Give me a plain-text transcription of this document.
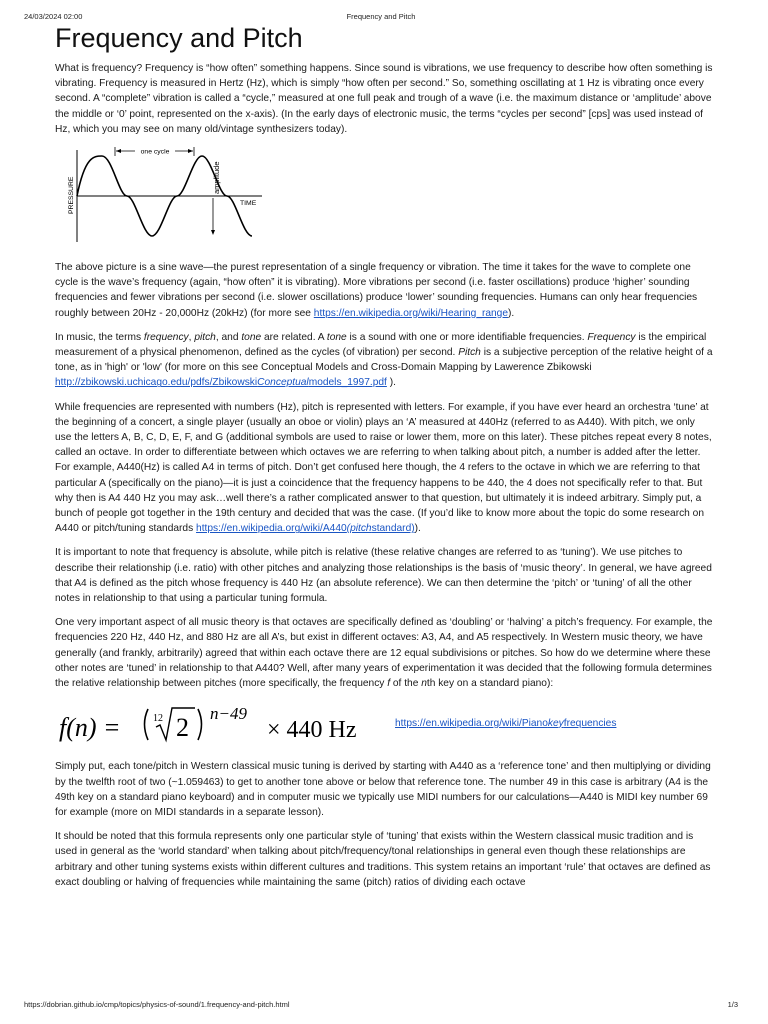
24/03/2024 02:00	Frequency and Pitch
Frequency and Pitch

What is frequency? Frequency is “how often” something happens. Since sound is vibrations, we use frequency to describe how often something is vibrating. Frequency is measured in Hertz (Hz), which is simply “how often per second.” So, something oscillating at 1 Hz is vibrating once every second. A “complete” vibration is called a “cycle,” measured at one full peak and trough of a wave (i.e. the maximum distance or ‘amplitude’ above the middle or ‘0’ point, represented on the x-axis). (In the early days of electronic music, the terms “cycles per second” [cps] was used instead of Hz, which you may see on many old/vintage synthesizers today).

one cycle
amplitude
PRESSURE	TIME

The above picture is a sine wave—the purest representation of a single frequency or vibration. The time it takes for the wave to complete one cycle is the wave’s frequency (again, “how often” it is vibrating). More vibrations per second (i.e. faster oscillations) produce ‘higher’ sounding frequencies and fewer vibrations per second (i.e. slower oscillations) produce ‘lower’ sounding frequencies. Humans can only hear frequencies roughly between 20Hz - 20,000Hz (20kHz) (for more see https://en.wikipedia.org/wiki/Hearing_range).

In music, the terms frequency, pitch, and tone are related. A tone is a sound with one or more identifiable frequencies. Frequency is the empirical measurement of a physical phenomenon, defined as the cycles (of vibration) per second. Pitch is a subjective perception of the relative height of a tone, as in 'high' or 'low' (for more on this see Conceptual Models and Cross-Domain Mapping by Lawerence Zbikowski http://zbikowski.uchicago.edu/pdfs/ZbikowskiConceptualmodels_1997.pdf ).

While frequencies are represented with numbers (Hz), pitch is represented with letters. For example, if you have ever heard an orchestra ‘tune’ at the beginning of a concert, a single player (usually an oboe or violin) plays an ‘A’ measured at 440Hz (referred to as A440). With pitch, we only use the letters A, B, C, D, E, F, and G (additional symbols are used to raise or lower them, more on this later). These pitches repeat every 8 notes, called an octave. In order to differentiate between which octaves we are referring to when talking about pitch, a number is added after the letter. For example, A440(Hz) is called A4 in terms of pitch. Don’t get confused here though, the 4 refers to the octave in which we are referring to that particular A (specifically on the piano)—it is just a coincidence that the frequency happens to be 440, the 4 does not specifically refer to that. But why then is A4 440 Hz you may ask…well there’s a rather complicated answer to that question, but ultimately it is indeed arbitrary. Simply put, a bunch of people got together in the 19th century and decided that was the case. (If you’d like to know more about the topic do some research on A440 or pitch/tuning standards https://en.wikipedia.org/wiki/A440(pitchstandard)).

It is important to note that frequency is absolute, while pitch is relative (these relative changes are referred to as ‘tuning’). We use pitches to describe their relationship (i.e. ratio) with other pitches and analyzing those relationships is the basis of ‘music theory’. In general, we have agreed that A4 is defined as the pitch whose frequency is 440 Hz (an absolute reference). We can then determine the ‘pitch’ or ‘tuning’ of all the other notes in relationship to that using a particular tuning formula.

One very important aspect of all music theory is that octaves are specifically defined as ‘doubling’ or ‘halving’ a pitch’s frequency. For example, the frequencies 220 Hz, 440 Hz, and 880 Hz are all A’s, but exist in different octaves: A3, A4, and A5 respectively. In Western music theory, we have generally (and frankly, arbitrarily) agreed that within each octave there are 12 equal subdivisions or pitches. So how do we determine where these other notes are ‘tuned’ in relationship to that A440? Well, after many years of experimentation it was decided that the following formula determines the relative relationship between pitches (more specifically, the frequency f of the nth key on a standard piano):

f(n) =	12 2 n−49
× 440 Hz	https://en.wikipedia.org/wiki/Pianokeyfrequencies

Simply put, each tone/pitch in Western classical music tuning is derived by starting with A440 as a ‘reference tone’ and then multiplying or dividing by the twelfth root of two (~1.059463) to get to another tone above or below that reference tone. The number 49 in this case is arbitrary (A4 is the 49th key on a standard piano keyboard) and in computer music we typically use MIDI numbers for our calculations—A440 is MIDI key number 69 for example (more on MIDI standards in a separate lesson).

It should be noted that this formula represents only one particular style of ‘tuning’ that exists within the Western classical music tradition and is used in general as the ‘world standard’ when talking about pitch/frequency/tonal relationships in general even though these relationships are arbitrary and other tuning systems exists within different cultures and traditions. This system retains an important ‘rule’ that octaves are defined as exact doubling or halving of frequencies while maintaining the same (pitch) ratios of dividing each octave

https://dobrian.github.io/cmp/topics/physics-of-sound/1.frequency-and-pitch.html	1/3
